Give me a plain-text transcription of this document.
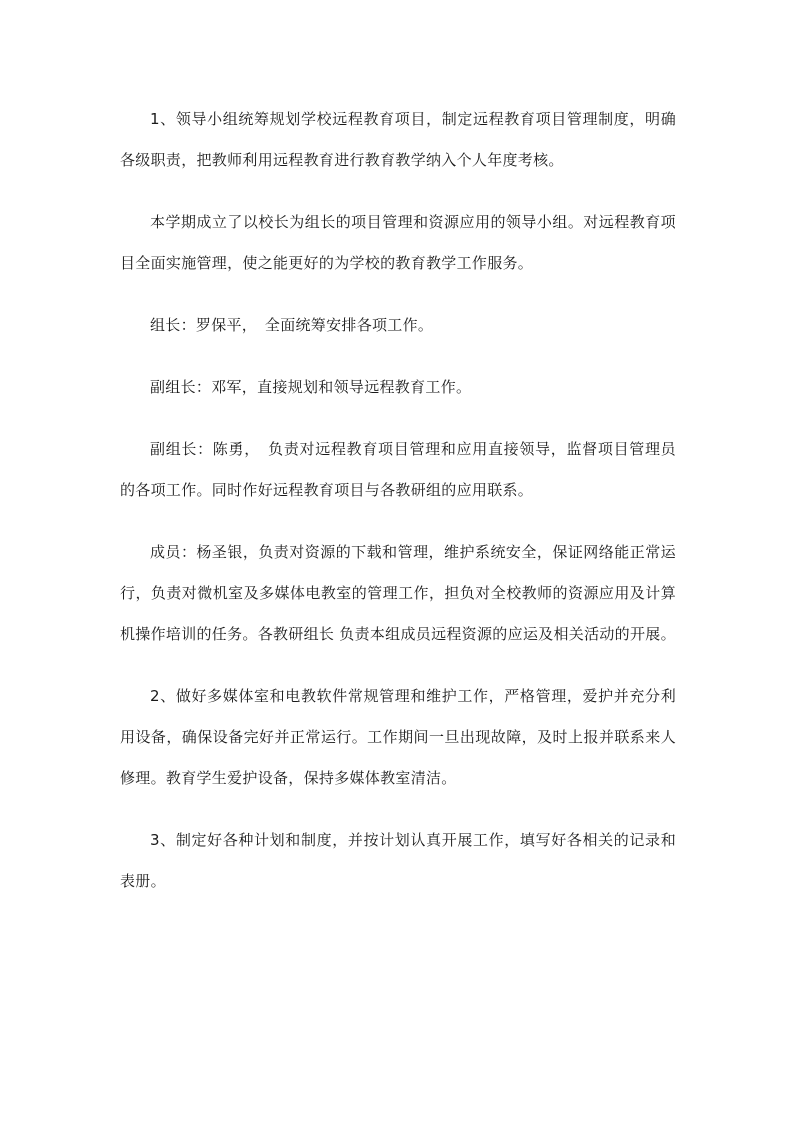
1、领导小组统筹规划学校远程教育项目，制定远程教育项目管理制度，明确各级职责，把教师利用远程教育进行教育教学纳入个人年度考核。

本学期成立了以校长为组长的项目管理和资源应用的领导小组。对远程教育项目全面实施管理，使之能更好的为学校的教育教学工作服务。

组长：罗保平，　全面统筹安排各项工作。

副组长：邓军，直接规划和领导远程教育工作。

副组长：陈勇，　负责对远程教育项目管理和应用直接领导，监督项目管理员的各项工作。同时作好远程教育项目与各教研组的应用联系。

成员：杨圣银，负责对资源的下载和管理，维护系统安全，保证网络能正常运行，负责对微机室及多媒体电教室的管理工作，担负对全校教师的资源应用及计算机操作培训的任务。各教研组长 负责本组成员远程资源的应运及相关活动的开展。

2、做好多媒体室和电教软件常规管理和维护工作，严格管理，爱护并充分利用设备，确保设备完好并正常运行。工作期间一旦出现故障，及时上报并联系来人修理。教育学生爱护设备，保持多媒体教室清洁。

3、制定好各种计划和制度，并按计划认真开展工作，填写好各相关的记录和表册。
